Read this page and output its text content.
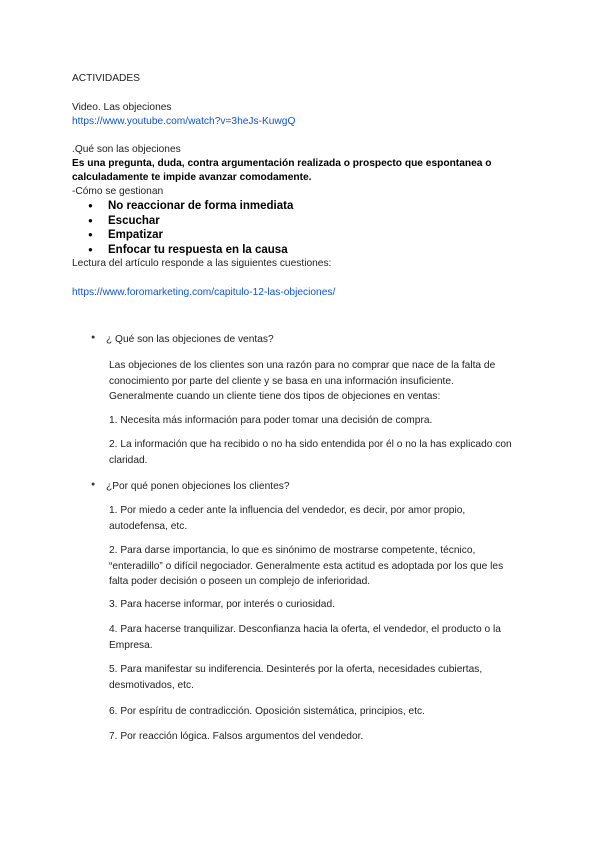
ACTIVIDADES
Video. Las objeciones
https://www.youtube.com/watch?v=3heJs-KuwgQ
.Qué son las objeciones
Es una pregunta, duda, contra argumentación realizada o prospecto que espontanea o
calculadamente te impide avanzar comodamente.
-Cómo se gestionan
● No reaccionar de forma inmediata
● Escuchar
● Empatizar
● Enfocar tu respuesta en la causa
Lectura del artículo responde a las siguientes cuestiones:
https://www.foromarketing.com/capitulo-12-las-objeciones/
● ¿ Qué son las objeciones de ventas?
Las objeciones de los clientes son una razón para no comprar que nace de la falta de
conocimiento por parte del cliente y se basa en una información insuficiente.
Generalmente cuando un cliente tiene dos tipos de objeciones en ventas:
1. Necesita más información para poder tomar una decisión de compra.
2. La información que ha recibido o no ha sido entendida por él o no la has explicado con
claridad.
● ¿Por qué ponen objeciones los clientes?
1. Por miedo a ceder ante la influencia del vendedor, es decir, por amor propio,
autodefensa, etc.
2. Para darse importancia, lo que es sinónimo de mostrarse competente, técnico,
“enteradillo” o difícil negociador. Generalmente esta actitud es adoptada por los que les
falta poder decisión o poseen un complejo de inferioridad.
3. Para hacerse informar, por interés o curiosidad.
4. Para hacerse tranquilizar. Desconfianza hacia la oferta, el vendedor, el producto o la
Empresa.
5. Para manifestar su indiferencia. Desinterés por la oferta, necesidades cubiertas,
desmotivados, etc.
6. Por espíritu de contradicción. Oposición sistemática, principios, etc.
7. Por reacción lógica. Falsos argumentos del vendedor.
